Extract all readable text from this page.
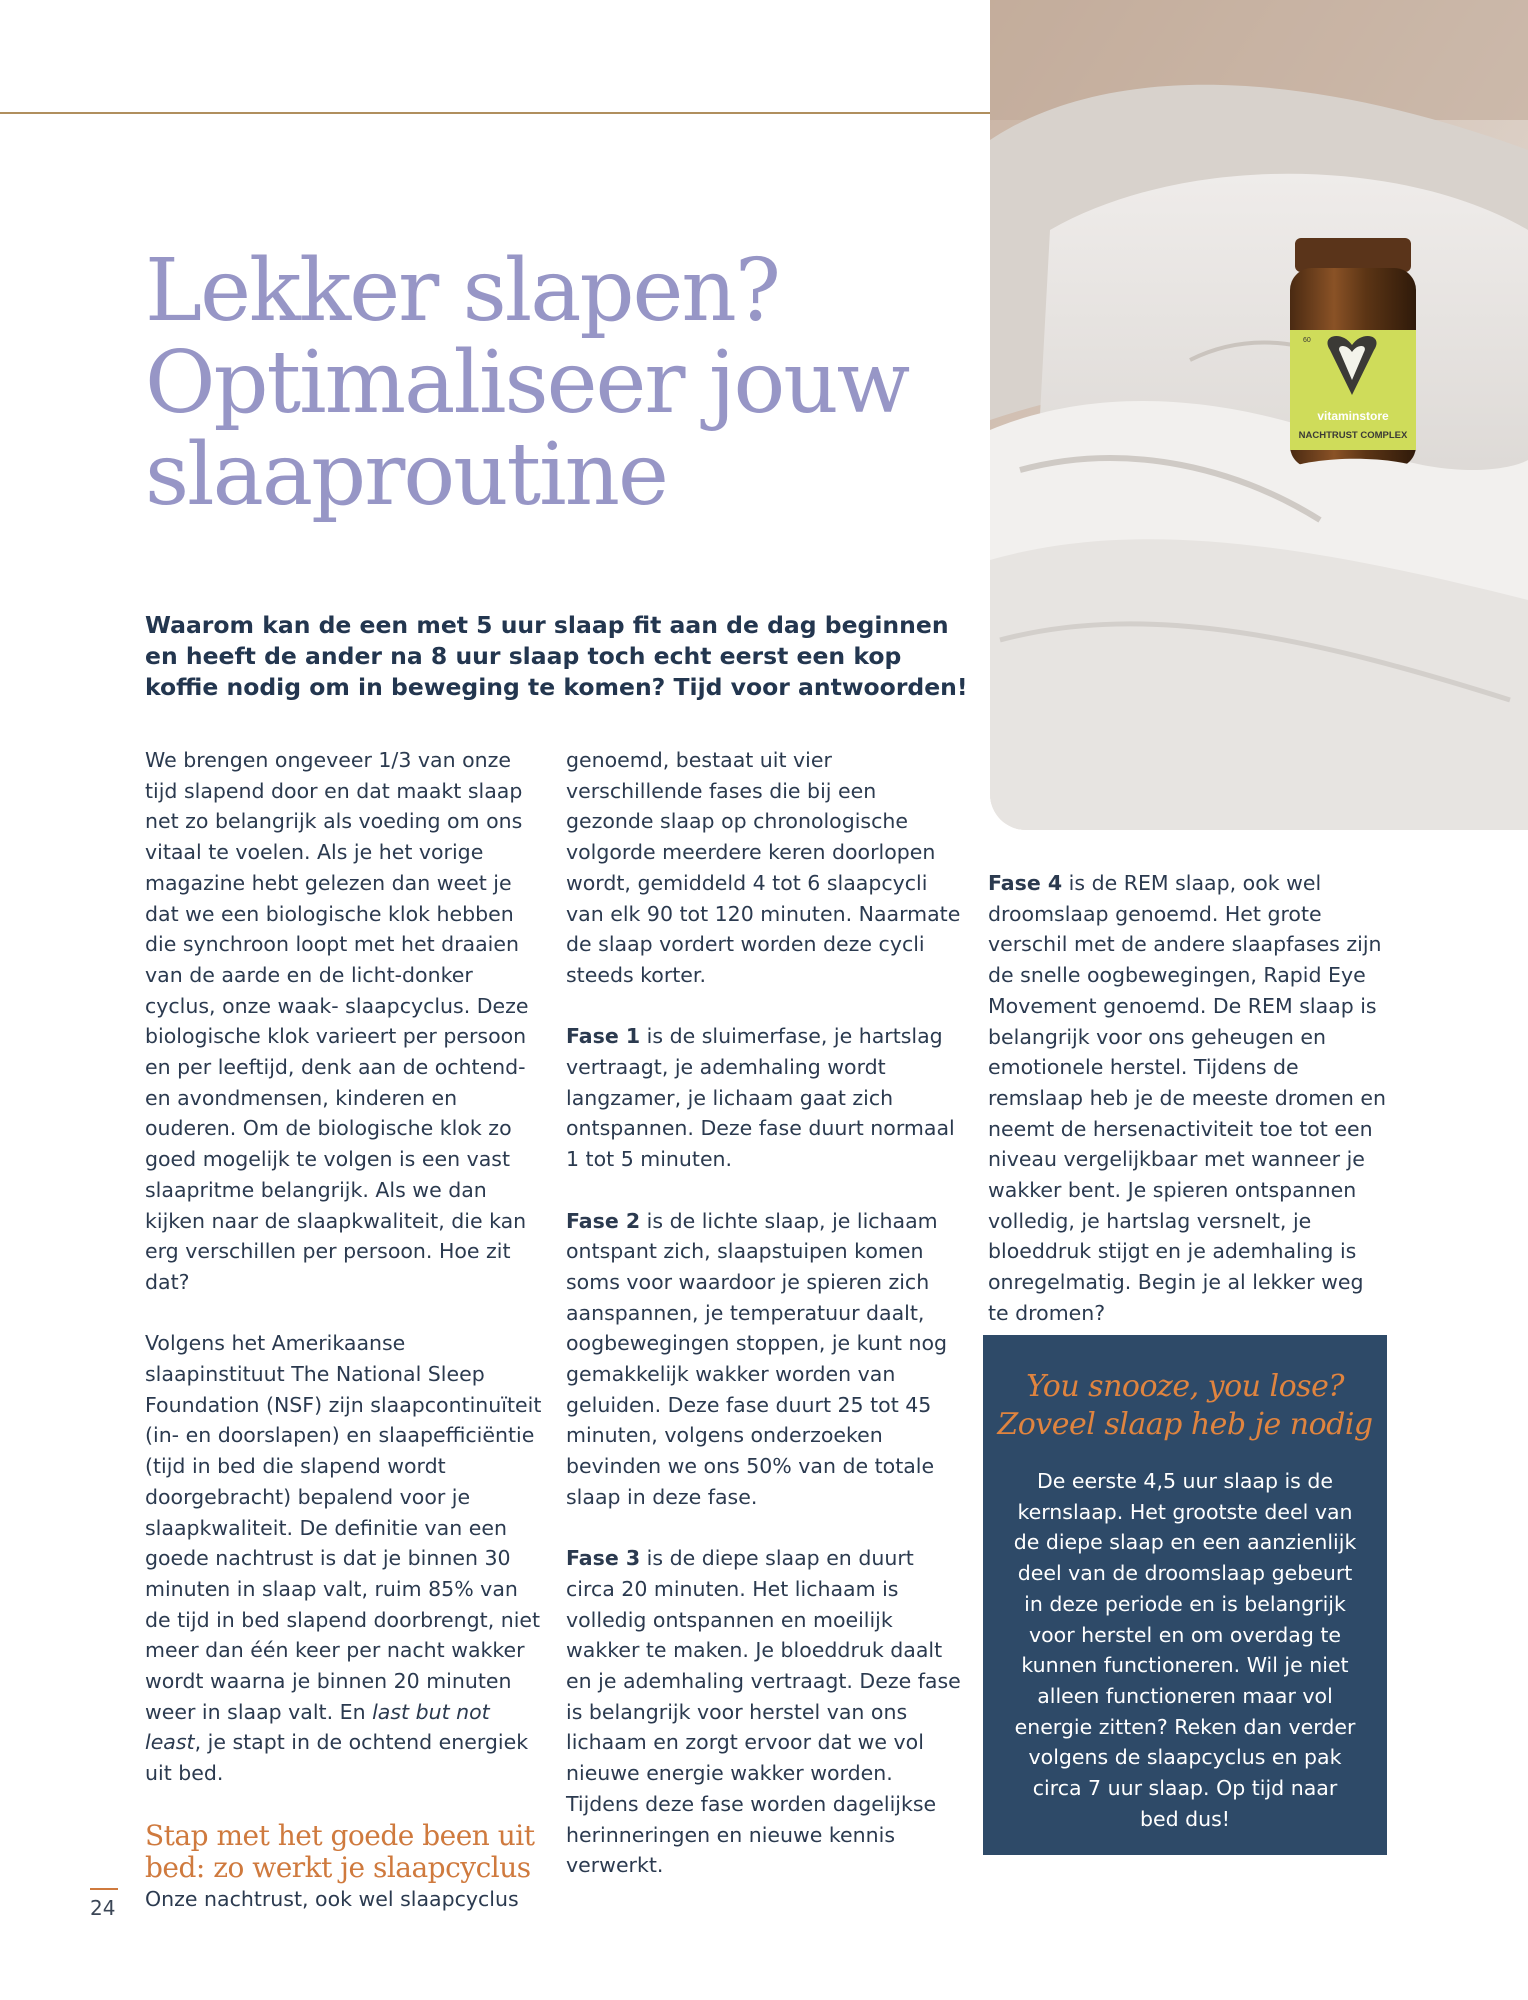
vitaminstore
NACHTRUST COMPLEX
60
Lekker slapen?
Optimaliseer jouw
slaaproutine

Waarom kan de een met 5 uur slaap fit aan de dag beginnen en heeft de ander na 8 uur slaap toch echt eerst een kop koffie nodig om in beweging te komen? Tijd voor antwoorden!

We brengen ongeveer 1/3 van onze tijd slapend door en dat maakt slaap net zo belangrijk als voeding om ons vitaal te voelen. Als je het vorige magazine hebt gelezen dan weet je dat we een biologische klok hebben die synchroon loopt met het draaien van de aarde en de licht-donker cyclus, onze waak- slaapcyclus. Deze biologische klok varieert per persoon en per leeftijd, denk aan de ochtend- en avondmensen, kinderen en ouderen. Om de biologische klok zo goed mogelijk te volgen is een vast slaapritme belangrijk. Als we dan kijken naar de slaapkwaliteit, die kan erg verschillen per persoon. Hoe zit dat?

Volgens het Amerikaanse slaapinstituut The National Sleep Foundation (NSF) zijn slaapcontinuïteit (in- en doorslapen) en slaapefficiëntie (tijd in bed die slapend wordt doorgebracht) bepalend voor je slaapkwaliteit. De definitie van een goede nachtrust is dat je binnen 30 minuten in slaap valt, ruim 85% van de tijd in bed slapend doorbrengt, niet meer dan één keer per nacht wakker wordt waarna je binnen 20 minuten weer in slaap valt. En last but not least, je stapt in de ochtend energiek uit bed.

Stap met het goede been uit bed: zo werkt je slaapcyclus

Onze nachtrust, ook wel slaapcyclus

genoemd, bestaat uit vier verschillende fases die bij een gezonde slaap op chronologische volgorde meerdere keren doorlopen wordt, gemiddeld 4 tot 6 slaapcycli van elk 90 tot 120 minuten. Naarmate de slaap vordert worden deze cycli steeds korter.

Fase 1 is de sluimerfase, je hartslag vertraagt, je ademhaling wordt langzamer, je lichaam gaat zich ontspannen. Deze fase duurt normaal 1 tot 5 minuten.

Fase 2 is de lichte slaap, je lichaam ontspant zich, slaapstuipen komen soms voor waardoor je spieren zich aanspannen, je temperatuur daalt, oogbewegingen stoppen, je kunt nog gemakkelijk wakker worden van geluiden. Deze fase duurt 25 tot 45 minuten, volgens onderzoeken bevinden we ons 50% van de totale slaap in deze fase.

Fase 3 is de diepe slaap en duurt circa 20 minuten. Het lichaam is volledig ontspannen en moeilijk wakker te maken. Je bloeddruk daalt en je ademhaling vertraagt. Deze fase is belangrijk voor herstel van ons lichaam en zorgt ervoor dat we vol nieuwe energie wakker worden. Tijdens deze fase worden dagelijkse herinneringen en nieuwe kennis verwerkt.

Fase 4 is de REM slaap, ook wel droomslaap genoemd. Het grote verschil met de andere slaapfases zijn de snelle oogbewegingen, Rapid Eye Movement genoemd. De REM slaap is belangrijk voor ons geheugen en emotionele herstel. Tijdens de remslaap heb je de meeste dromen en neemt de hersenactiviteit toe tot een niveau vergelijkbaar met wanneer je wakker bent. Je spieren ontspannen volledig, je hartslag versnelt, je bloeddruk stijgt en je ademhaling is onregelmatig. Begin je al lekker weg te dromen?

You snooze, you lose?
Zoveel slaap heb je nodig

De eerste 4,5 uur slaap is de kernslaap. Het grootste deel van de diepe slaap en een aanzienlijk deel van de droomslaap gebeurt in deze periode en is belangrijk voor herstel en om overdag te kunnen functioneren. Wil je niet alleen functioneren maar vol energie zitten? Reken dan verder volgens de slaapcyclus en pak circa 7 uur slaap. Op tijd naar bed dus!

24
